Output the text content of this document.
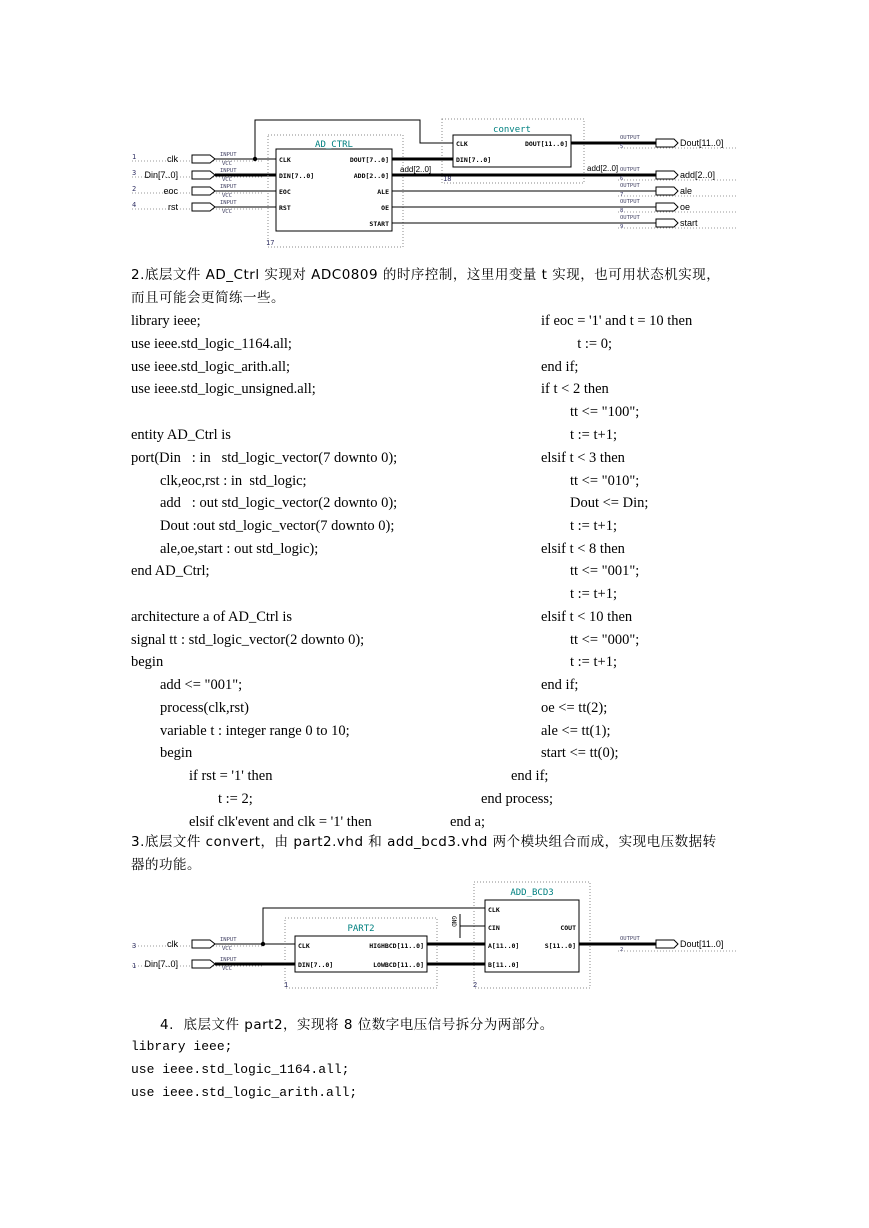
1	clk	INPUT
VCC
3 Din[7..0]	INPUT
VCC
2	eoc	INPUT
VCC
4	rst	INPUT
VCC
AD_CTRL
CLK
DIN[7..0]
EOC
RST
DOUT[7..0]
ADD[2..0]
ALE
OE
START
17
convert
CLK
DIN[7..0]
DOUT[11..0]
18
add[2..0]	add[2..0]
OUTPUT
5	Dout[11..0]
OUTPUT
6	add[2..0]
OUTPUT
7	ale
OUTPUT
8	oe
OUTPUT
9	start
2.底层文件 AD_Ctrl 实现对 ADC0809 的时序控制，这里用变量 t 实现，也可用状态机实现，
而且可能会更简练一些。
library ieee;
use ieee.std_logic_1164.all;
use ieee.std_logic_arith.all;
use ieee.std_logic_unsigned.all;
entity AD_Ctrl is
port(Din   : in   std_logic_vector(7 downto 0);
clk,eoc,rst : in  std_logic;
add   : out std_logic_vector(2 downto 0);
Dout :out std_logic_vector(7 downto 0);
ale,oe,start : out std_logic);
end AD_Ctrl;
architecture a of AD_Ctrl is
signal tt : std_logic_vector(2 downto 0);
begin
add <= "001";
process(clk,rst)
variable t : integer range 0 to 10;
begin
if rst = '1' then
t := 2;
elsif clk'event and clk = '1' then
if eoc = '1' and t = 10 then
t := 0;
end if;
if t < 2 then
tt <= "100";
t := t+1;
elsif t < 3 then
tt <= "010";
Dout <= Din;
t := t+1;
elsif t < 8 then
tt <= "001";
t := t+1;
elsif t < 10 then
tt <= "000";
t := t+1;
end if;
oe <= tt(2);
ale <= tt(1);
start <= tt(0);
end if;
end process;
end a;
3.底层文件 convert，由 part2.vhd 和 add_bcd3.vhd 两个模块组合而成，实现电压数据转
器的功能。
3	clk	INPUT
VCC
1 Din[7..0]	INPUT
VCC
PART2
CLK
DIN[7..0]
HIGHBCD[11..0]
LOWBCD[11..0]
1
ADD_BCD3
CLK
CIN
A[11..0]
B[11..0]
COUT
S[11..0]
2
GND
OUTPUT
2
Dout[11..0]
4.  底层文件 part2，实现将 8 位数字电压信号拆分为两部分。
library ieee;
use ieee.std_logic_1164.all;
use ieee.std_logic_arith.all;
